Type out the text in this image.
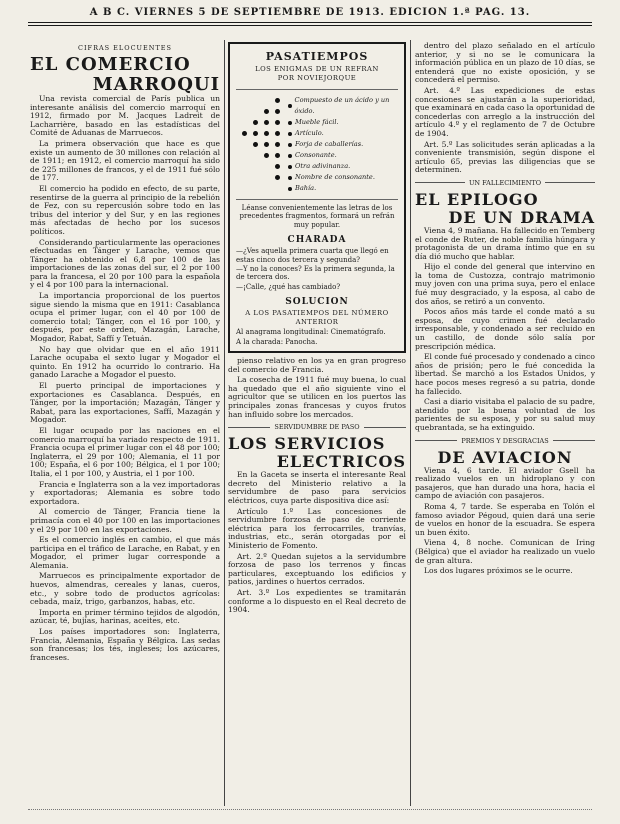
A B C. VIERNES 5 DE SEPTIEMBRE DE 1913. EDICION 1.ª PAG. 13.
CIFRAS ELOCUENTES
EL COMERCIO
MARROQUI

Una revista comercial de París publica un interesante análisis del comercio marroquí en 1912, firmado por M. Jacques Ladreit de Lacharrière, basado en las estadísticas del Comité de Aduanas de Marruecos.

La primera observación que hace es que existe un aumento de 30 millones con relación al de 1911; en 1912, el comercio marroquí ha sido de 225 millones de francos, y el de 1911 fué sólo de 177.

El comercio ha podido en efecto, de su parte, resentirse de la guerra al principio de la rebelión de Fez, con su repercusión sobre todo en las tribus del interior y del Sur, y en las regiones más afectadas de hecho por los sucesos políticos.

Considerando particularmente las operaciones efectuadas en Tánger y Larache, vemos que Tánger ha obtenido el 6,8 por 100 de las importaciones de las zonas del sur, el 2 por 100 para la francesa, el 20 por 100 para la española y el 4 por 100 para la internacional.

La importancia proporcional de los puertos sigue siendo la misma que en 1911: Casablanca ocupa el primer lugar, con el 40 por 100 de comercio total; Tánger, con el 16 por 100, y después, por este orden, Mazagán, Larache, Mogador, Rabat, Saffí y Tetuán.

No hay que olvidar que en el año 1911 Larache ocupaba el sexto lugar y Mogador el quinto. En 1912 ha ocurrido lo contrario. Ha ganado Larache a Mogador el puesto.

El puerto principal de importaciones y exportaciones es Casablanca. Después, en Tánger, por la importación; Mazagán, Tánger y Rabat, para las exportaciones, Saffí, Mazagán y Mogador.

El lugar ocupado por las naciones en el comercio marroquí ha variado respecto de 1911. Francia ocupa el primer lugar con el 48 por 100; Inglaterra, el 29 por 100; Alemania, el 11 por 100; España, el 6 por 100; Bélgica, el 1 por 100; Italia, el 1 por 100, y Austria, el 1 por 100.

Francia e Inglaterra son a la vez importadoras y exportadoras; Alemania es sobre todo exportadora.

Al comercio de Tánger, Francia tiene la primacía con el 40 por 100 en las importaciones y el 29 por 100 en las exportaciones.

Es el comercio inglés en cambio, el que más participa en el tráfico de Larache, en Rabat, y en Mogador, el primer lugar corresponde a Alemania.

Marruecos es principalmente exportador de huevos, almendras, cereales y lanas, cueros, etc., y sobre todo de productos agrícolas: cebada, maíz, trigo, garbanzos, habas, etc.

Importa en primer término tejidos de algodón, azúcar, té, bujías, harinas, aceites, etc.

Los países importadores son: Inglaterra, Francia, Alemania, España y Bélgica. Las sedas son francesas; los tés, ingleses; los azúcares, franceses.

PASATIEMPOS
LOS ENIGMAS DE UN REFRAN
POR NOVIEJORQUE
Compuesto de un ácido y un óxido.
Mueble fácil.
Artículo.
Forja de caballerías.
Consonante.
Otra adivinanza.
Nombre de consonante.
Bahía.
Léanse convenientemente las letras de los precedentes fragmentos, formará un refrán muy popular.
CHARADA
—¿Ves aquella primera cuarta que llegó en estas cinco dos tercera y segunda?
—Y no la conoces? Es la primera segunda, la de tercera dos.
—¡Calle, ¿qué has cambiado?
SOLUCION
A LOS PASATIEMPOS DEL NÚMERO ANTERIOR
Al anagrama longitudinal: Cinematógrafo.
A la charada: Panocha.

pienso relativo en los ya en gran progreso del comercio de Francia.

La cosecha de 1911 fué muy buena, lo cual ha quedado que el año siguiente vino el agricultor que se utilicen en los puertos las principales zonas francesas y cuyos frutos han influido sobre los mercados.

SERVIDUMBRE DE PASO
LOS SERVICIOS
ELECTRICOS

En la Gaceta se inserta el interesante Real decreto del Ministerio relativo a la servidumbre de paso para servicios eléctricos, cuya parte dispositiva dice así:

Artículo 1.º Las concesiones de servidumbre forzosa de paso de corriente eléctrica para los ferrocarriles, tranvías, industrias, etc., serán otorgadas por el Ministerio de Fomento.

Art. 2.º Quedan sujetos a la servidumbre forzosa de paso los terrenos y fincas particulares, exceptuando los edificios y patios, jardines o huertos cerrados.

Art. 3.º Los expedientes se tramitarán conforme a lo dispuesto en el Real decreto de 1904.

dentro del plazo señalado en el artículo anterior, y si no se le comunicara la información pública en un plazo de 10 días, se entenderá que no existe oposición, y se concederá el permiso.

Art. 4.º Las expediciones de estas concesiones se ajustarán a la superioridad, que examinará en cada caso la oportunidad de concederlas con arreglo a la instrucción del artículo 4.º y el reglamento de 7 de Octubre de 1904.

Art. 5.º Las solicitudes serán aplicadas a la conveniente transmisión, según dispone el artículo 65, previas las diligencias que se determinen.

UN FALLECIMIENTO
EL EPILOGO
DE UN DRAMA

Viena 4, 9 mañana. Ha fallecido en Temberg el conde de Ruter, de noble familia húngara y protagonista de un drama íntimo que en su día dió mucho que hablar.

Hijo el conde del general que intervino en la toma de Custozza, contrajo matrimonio muy joven con una prima suya, pero el enlace fué muy desgraciado, y la esposa, al cabo de dos años, se retiró a un convento.

Pocos años más tarde el conde mató a su esposa, de cuyo crimen fué declarado irresponsable, y condenado a ser recluido en un castillo, de donde sólo salía por prescripción médica.

El conde fué procesado y condenado a cinco años de prisión; pero le fué concedida la libertad. Se marchó a los Estados Unidos, y hace pocos meses regresó a su patria, donde ha fallecido.

Casi a diario visitaba el palacio de su padre, atendido por la buena voluntad de los parientes de su esposa, y por su salud muy quebrantada, se ha extinguido.

PREMIOS Y DESGRACIAS
DE AVIACION

Viena 4, 6 tarde. El aviador Gsell ha realizado vuelos en un hidroplano y con pasajeros, que han durado una hora, hacia el campo de aviación con pasajeros.

Roma 4, 7 tarde. Se esperaba en Tolón el famoso aviador Pégoud, quien dará una serie de vuelos en honor de la escuadra. Se espera un buen éxito.

Viena 4, 8 noche. Comunican de Iring (Bélgica) que el aviador ha realizado un vuelo de gran altura.

Los dos lugares próximos se le ocurre.
